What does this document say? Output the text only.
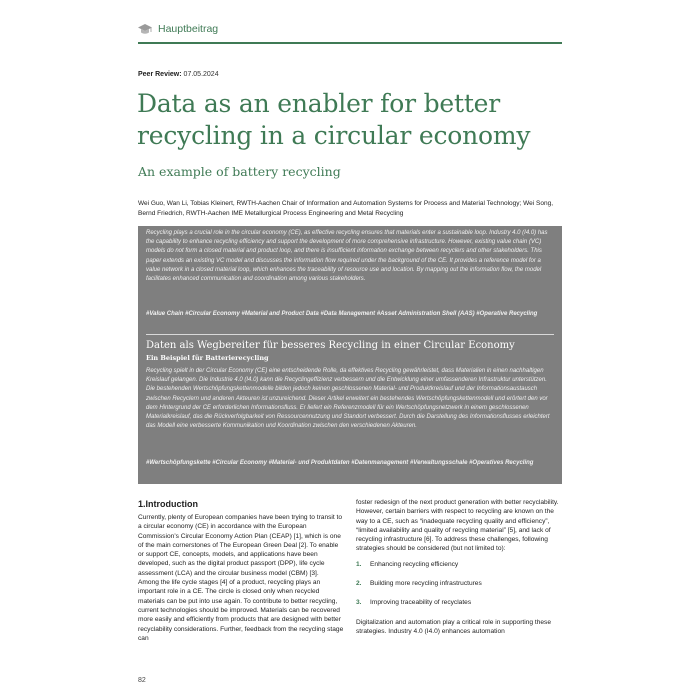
Hauptbeitrag
Peer Review: 07.05.2024
Data as an enabler for better recycling in a circular economy
An example of battery recycling
Wei Guo, Wan Li, Tobias Kleinert, RWTH-Aachen Chair of Information and Automation Systems for Process and Material Technology; Wei Song, Bernd Friedrich, RWTH-Aachen IME Metallurgical Process Engineering and Metal Recycling
Recycling plays a crucial role in the circular economy (CE), as effective recycling ensures that materials enter a sustainable loop. Industry 4.0 (I4.0) has the capability to enhance recycling efficiency and support the development of more comprehensive infrastructure. However, existing value chain (VC) models do not form a closed material and product loop, and there is insufficient information exchange between recyclers and other stakeholders. This paper extends an existing VC model and discusses the information flow required under the background of the CE. It provides a reference model for a value network in a closed material loop, which enhances the traceability of resource use and location. By mapping out the information flow, the model facilitates enhanced communication and coordination among various stakeholders.
#Value Chain #Circular Economy #Material and Product Data #Data Management #Asset Administration Shell (AAS) #Operative Recycling
Daten als Wegbereiter für besseres Recycling in einer Circular Economy
Ein Beispiel für Batterierecycling
Recycling spielt in der Circular Economy (CE) eine entscheidende Rolle, da effektives Recycling gewährleistet, dass Materialien in einen nachhaltigen Kreislauf gelangen. Die Industrie 4.0 (I4.0) kann die Recyclingeffizienz verbessern und die Entwicklung einer umfassenderen Infrastruktur unterstützen. Die bestehenden Wertschöpfungskettenmodelle bilden jedoch keinen geschlossenen Material- und Produktkreislauf und der Informationsaustausch zwischen Recyclern und anderen Akteuren ist unzureichend. Dieser Artikel erweitert ein bestehendes Wertschöpfungskettenmodell und erörtert den vor dem Hintergrund der CE erforderlichen Informationsfluss. Er liefert ein Referenzmodell für ein Wertschöpfungsnetzwerk in einem geschlossenen Materialkreislauf, das die Rückverfolgbarkeit von Ressourcennutzung und Standort verbessert. Durch die Darstellung des Informationsflusses erleichtert das Modell eine verbesserte Kommunikation und Koordination zwischen den verschiedenen Akteuren.
#Wertschöpfungskette #Circular Economy #Material- und Produktdaten #Datenmanagement #Verwaltungsschale #Operatives Recycling
1.Introduction

Currently, plenty of European companies have been trying to transit to a circular economy (CE) in accordance with the European Commission’s Circular Economy Action Plan (CEAP) [1], which is one of the main cornerstones of The European Green Deal [2]. To enable or support CE, concepts, models, and applications have been developed, such as the digital product passport (DPP), life cycle assessment (LCA) and the circular business model (CBM) [3].

Among the life cycle stages [4] of a product, recycling plays an important role in a CE. The circle is closed only when recycled materials can be put into use again. To contribute to better recycling, current technologies should be improved. Materials can be recovered more easily and efficiently from products that are designed with better recyclability considerations. Further, feedback from the recycling stage can

foster redesign of the next product generation with better recyclability. However, certain barriers with respect to recycling are known on the way to a CE, such as “inadequate recycling quality and efficiency”, “limited availability and quality of recycling material” [5], and lack of recycling infrastructure [6]. To address these challenges, following strategies should be considered (but not limited to):

1. Enhancing recycling efficiency
2. Building more recycling infrastructures
3. Improving traceability of recyclates

Digitalization and automation play a critical role in supporting these strategies. Industry 4.0 (I4.0) enhances automation

82
